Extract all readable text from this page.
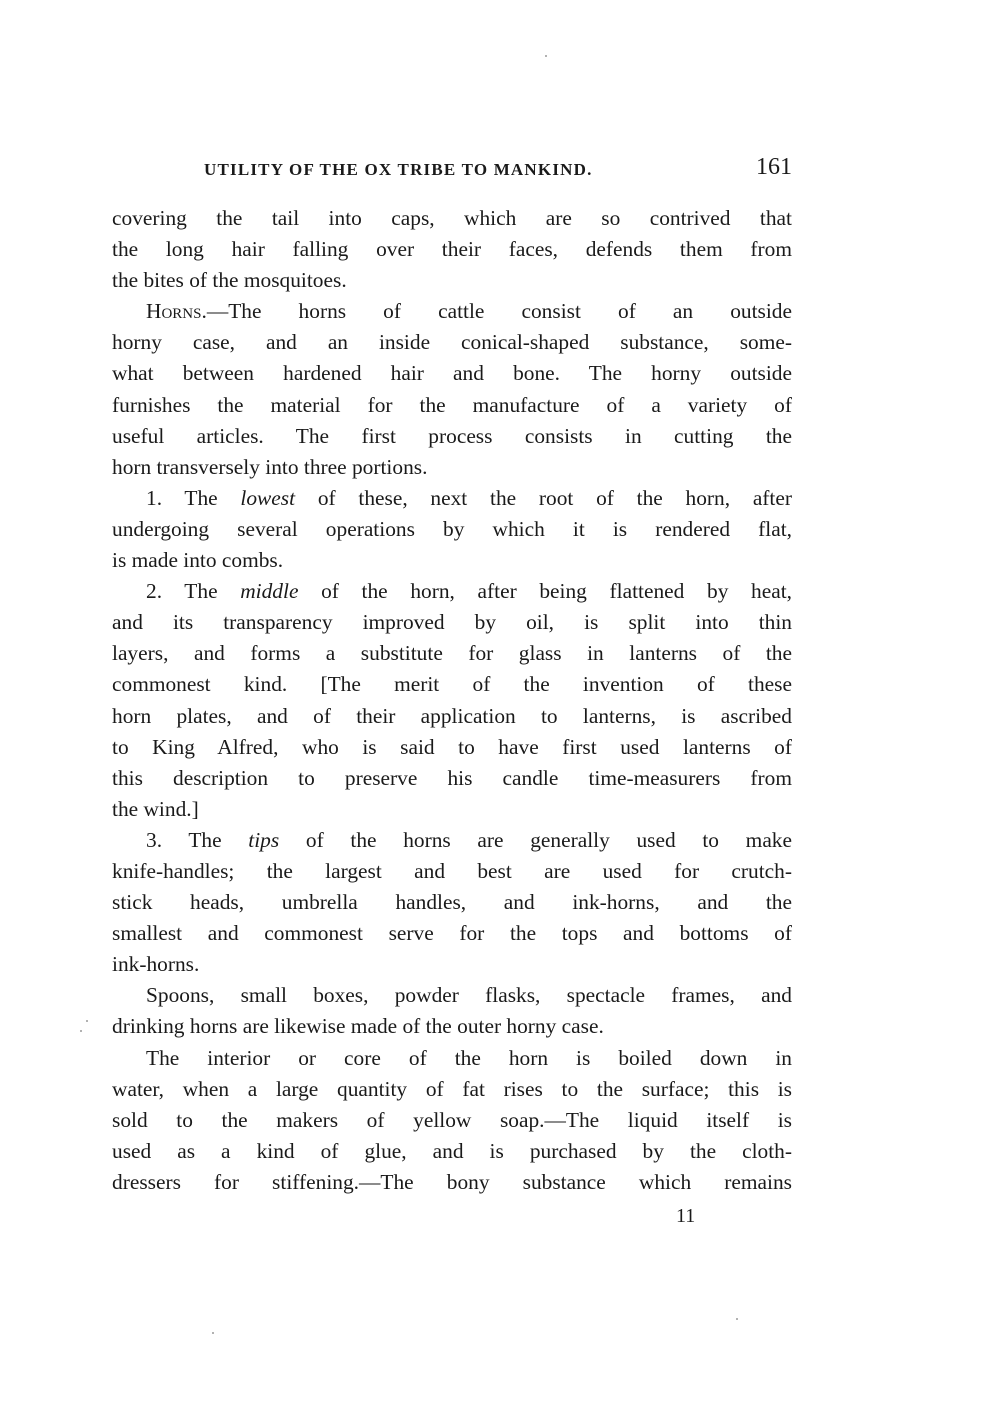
UTILITY OF THE OX TRIBE TO MANKIND.	161
covering the tail into caps, which are so contrived that
the long hair falling over their faces, defends them from
the bites of the mosquitoes.
Horns.—The horns of cattle consist of an outside
horny case, and an inside conical-shaped substance, some-
what between hardened hair and bone. The horny outside
furnishes the material for the manufacture of a variety of
useful articles. The first process consists in cutting the
horn transversely into three portions.
1. The lowest of these, next the root of the horn, after
undergoing several operations by which it is rendered flat,
is made into combs.
2. The middle of the horn, after being flattened by heat,
and its transparency improved by oil, is split into thin
layers, and forms a substitute for glass in lanterns of the
commonest kind. [The merit of the invention of these
horn plates, and of their application to lanterns, is ascribed
to King Alfred, who is said to have first used lanterns of
this description to preserve his candle time-measurers from
the wind.]
3. The tips of the horns are generally used to make
knife-handles; the largest and best are used for crutch-
stick heads, umbrella handles, and ink-horns, and the
smallest and commonest serve for the tops and bottoms of
ink-horns.
Spoons, small boxes, powder flasks, spectacle frames, and
drinking horns are likewise made of the outer horny case.
The interior or core of the horn is boiled down in
water, when a large quantity of fat rises to the surface; this is
sold to the makers of yellow soap.—The liquid itself is
used as a kind of glue, and is purchased by the cloth-
dressers for stiffening.—The bony substance which remains
11
